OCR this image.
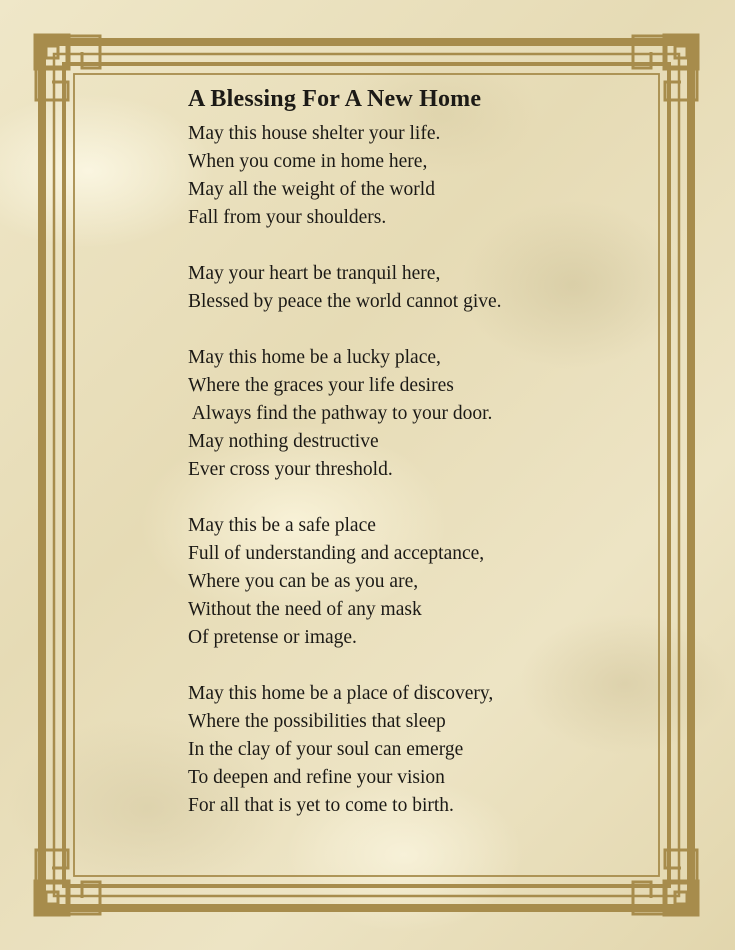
A Blessing For A New Home
May this house shelter your life.
When you come in home here,
May all the weight of the world
Fall from your shoulders.
May your heart be tranquil here,
Blessed by peace the world cannot give.
May this home be a lucky place,
Where the graces your life desires
Always find the pathway to your door.
May nothing destructive
Ever cross your threshold.
May this be a safe place
Full of understanding and acceptance,
Where you can be as you are,
Without the need of any mask
Of pretense or image.
May this home be a place of discovery,
Where the possibilities that sleep
In the clay of your soul can emerge
To deepen and refine your vision
For all that is yet to come to birth.
